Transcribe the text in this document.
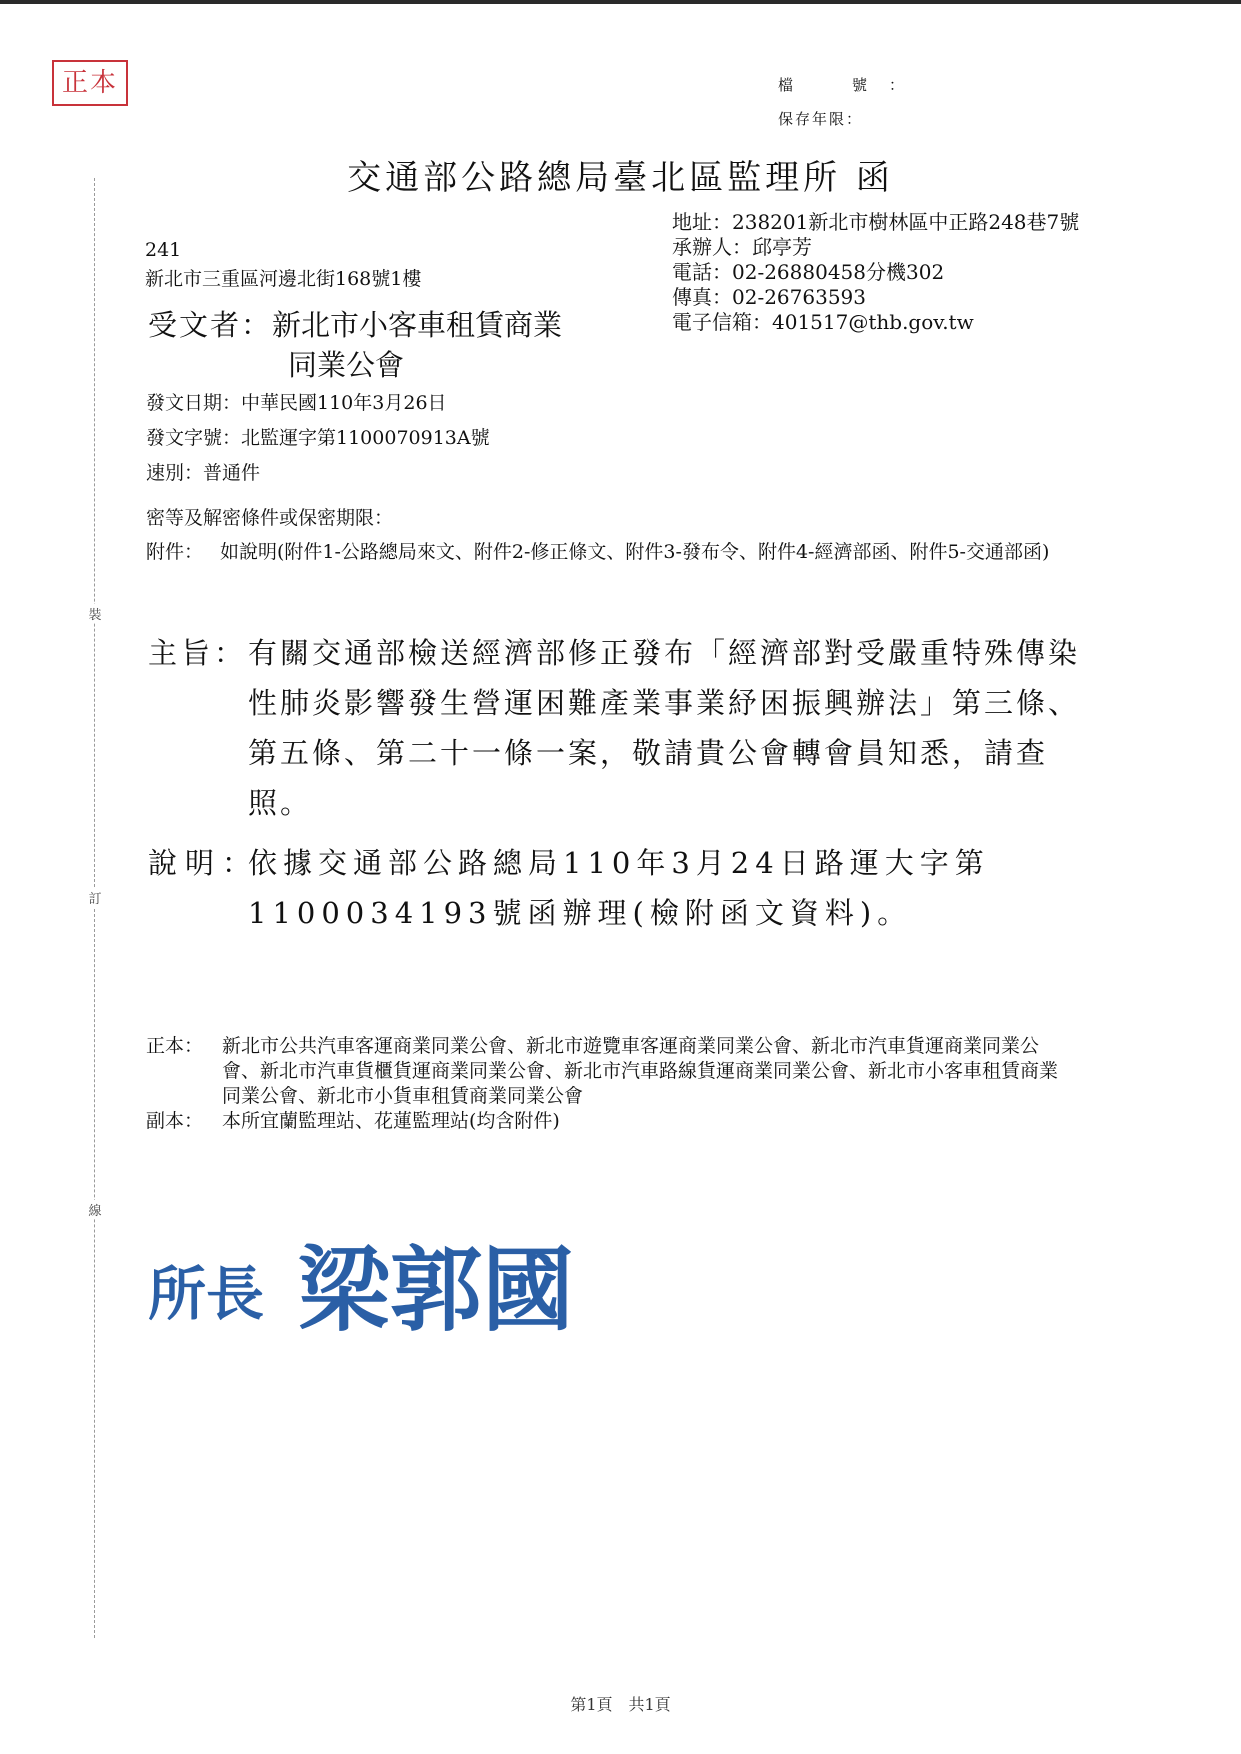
正本	檔　號：
保存年限：
交通部公路總局臺北區監理所 函
地址：238201新北市樹林區中正路248巷7號
承辦人：邱亭芳
電話：02-26880458分機302
傳真：02-26763593
電子信箱：401517@thb.gov.tw
241
新北市三重區河邊北街168號1樓
受文者：新北市小客車租賃商業
同業公會
發文日期：中華民國110年3月26日
發文字號：北監運字第1100070913A號
速別：普通件
密等及解密條件或保密期限：
附件： 如說明(附件1-公路總局來文、附件2-修正條文、附件3-發布令、附件4-經濟部函、附件5-交通部函)
主旨： 有關交通部檢送經濟部修正發布「經濟部對受嚴重特殊傳染性肺炎影響發生營運困難產業事業紓困振興辦法」第三條、第五條、第二十一條一案，敬請貴公會轉會員知悉，請查照。
說明：
依據交通部公路總局110年3月24日路運大字第1100034193號函辦理(檢附函文資料)。
正本： 新北市公共汽車客運商業同業公會、新北市遊覽車客運商業同業公會、新北市汽車貨運商業同業公會、新北市汽車貨櫃貨運商業同業公會、新北市汽車路線貨運商業同業公會、新北市小客車租賃商業同業公會、新北市小貨車租賃商業同業公會
副本： 本所宜蘭監理站、花蓮監理站(均含附件)
裝
訂
線
所長 梁郭國
第1頁　共1頁
